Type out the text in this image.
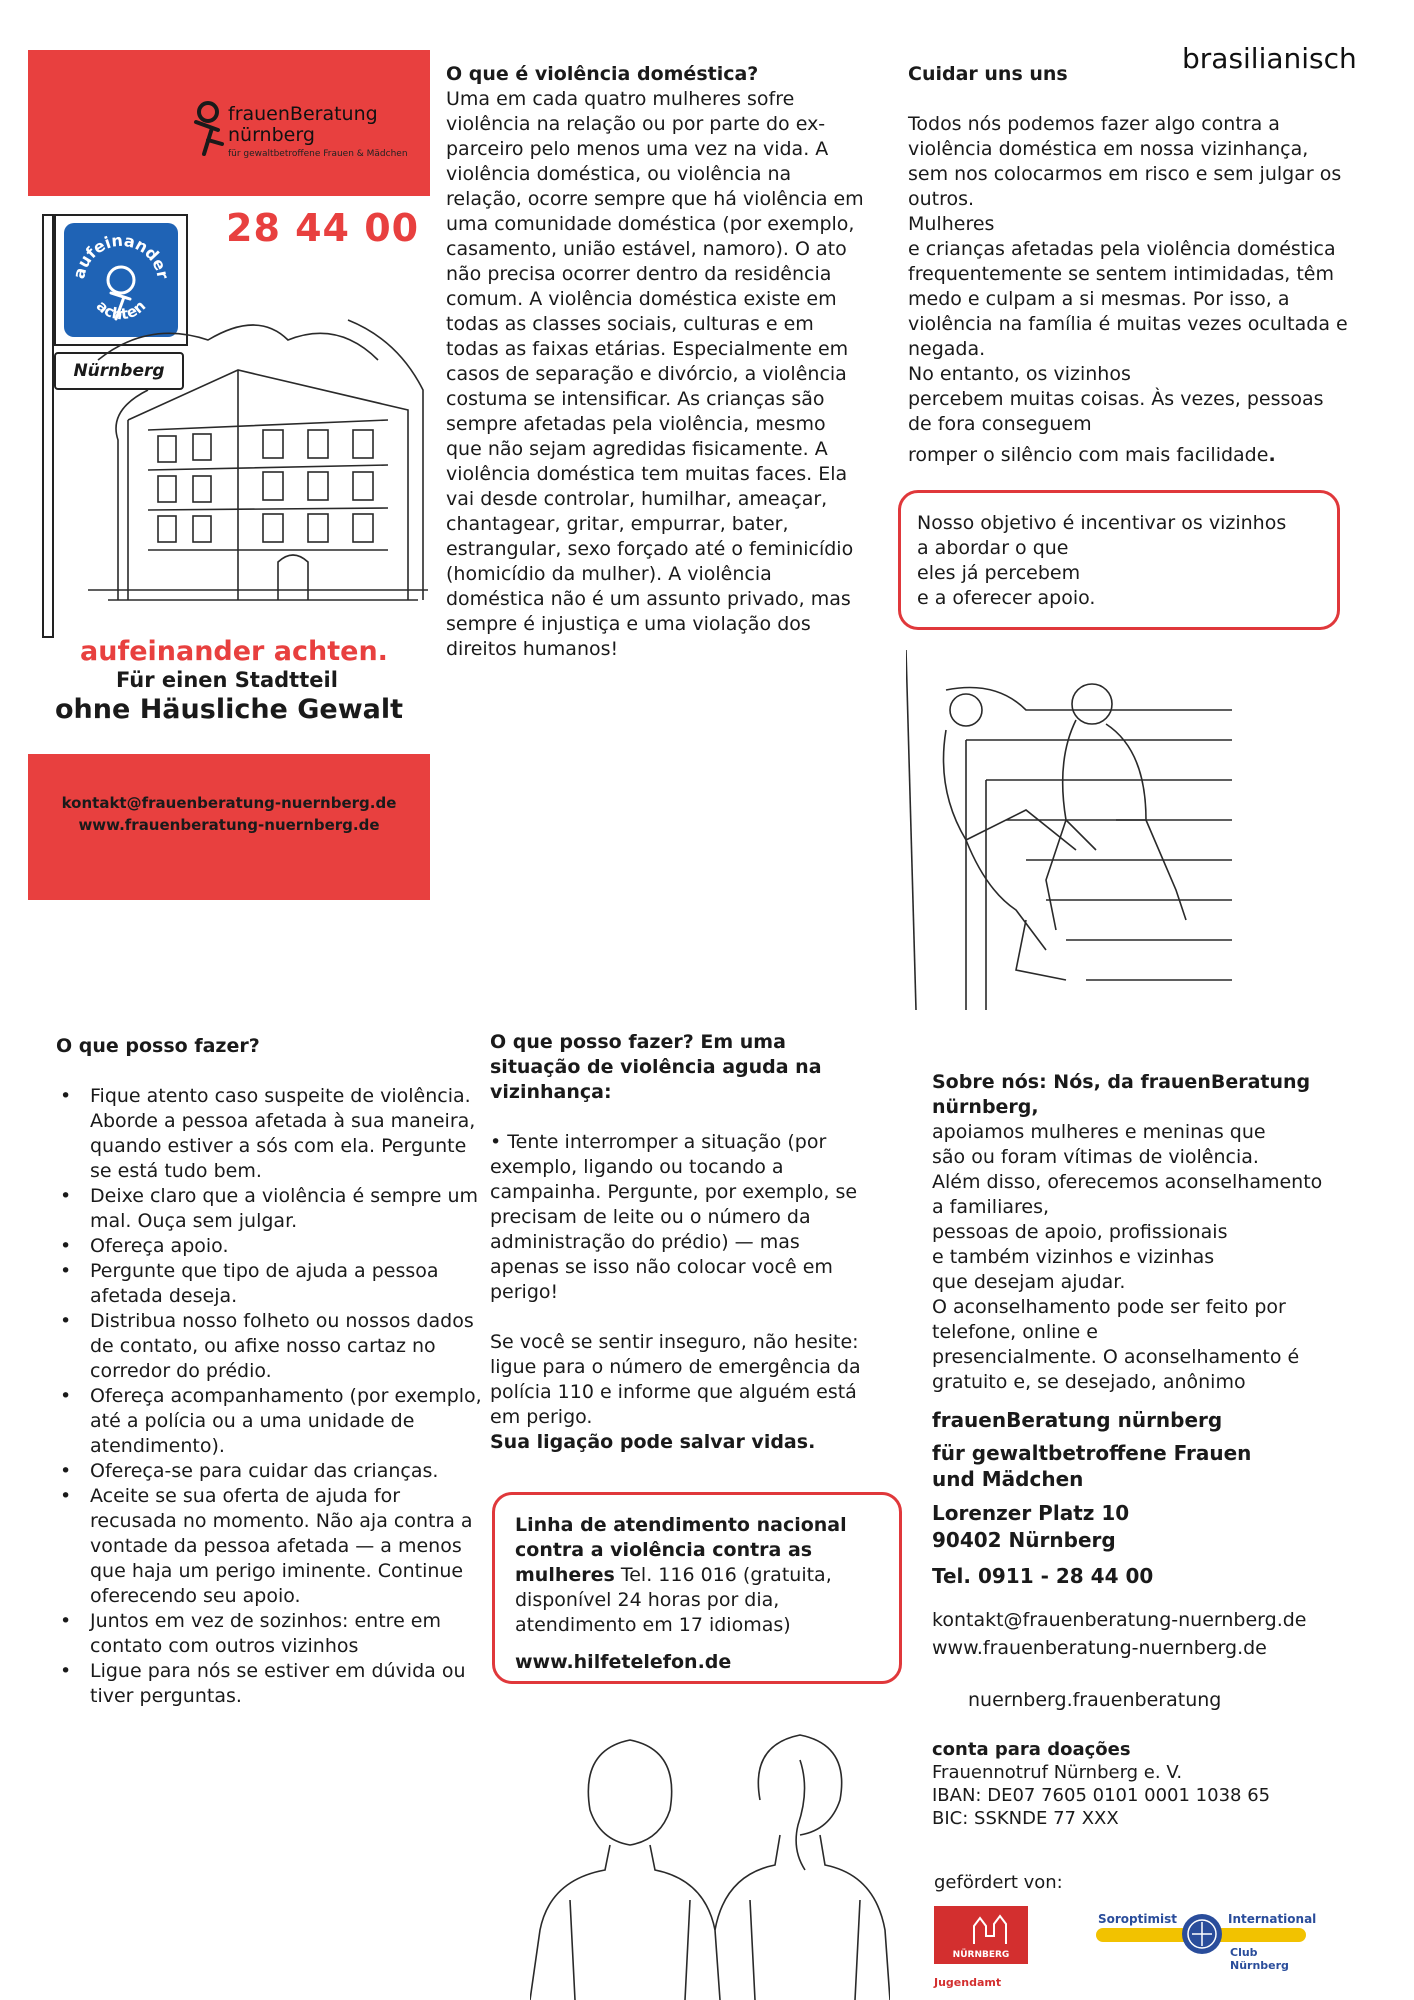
brasilianisch
frauenBeratung
nürnberg
für gewaltbetroffene Frauen & Mädchen
28 44 00
aufeinander
achten
Nürnberg
aufeinander achten.
Für einen Stadtteil
ohne Häusliche Gewalt
kontakt@frauenberatung-nuernberg.de
www.frauenberatung-nuernberg.de
O que é violência doméstica?
Uma em cada quatro mulheres sofre violência na relação ou por parte do ex-parceiro pelo menos uma vez na vida. A violência doméstica, ou violência na relação, ocorre sempre que há violência em uma comunidade doméstica (por exemplo, casamento, união estável, namoro). O ato não precisa ocorrer dentro da residência comum. A violência doméstica existe em todas as classes sociais, culturas e em todas as faixas etárias. Especialmente em casos de separação e divórcio, a violência costuma se intensificar. As crianças são sempre afetadas pela violência, mesmo que não sejam agredidas fisicamente. A violência doméstica tem muitas faces. Ela vai desde controlar, humilhar, ameaçar, chantagear, gritar, empurrar, bater, estrangular, sexo forçado até o feminicídio (homicídio da mulher). A violência doméstica não é um assunto privado, mas sempre é injustiça e uma violação dos direitos humanos!
Cuidar uns uns
Todos nós podemos fazer algo contra a violência doméstica em nossa vizinhança, sem nos colocarmos em risco e sem julgar os outros.
Mulheres
e crianças afetadas pela violência doméstica frequentemente se sentem intimidadas, têm medo e culpam a si mesmas. Por isso, a violência na família é muitas vezes ocultada e negada.
No entanto, os vizinhos
percebem muitas coisas. Às vezes, pessoas de fora conseguem
romper o silêncio com mais facilidade.
Nosso objetivo é incentivar os vizinhos
a abordar o que
eles já percebem
e a oferecer apoio.
O que posso fazer?
• Fique atento caso suspeite de violência. Aborde a pessoa afetada à sua maneira, quando estiver a sós com ela. Pergunte se está tudo bem.
• Deixe claro que a violência é sempre um mal. Ouça sem julgar.
• Ofereça apoio.
• Pergunte que tipo de ajuda a pessoa afetada deseja.
• Distribua nosso folheto ou nossos dados de contato, ou afixe nosso cartaz no corredor do prédio.
• Ofereça acompanhamento (por exemplo, até a polícia ou a uma unidade de atendimento).
• Ofereça-se para cuidar das crianças.
• Aceite se sua oferta de ajuda for recusada no momento. Não aja contra a vontade da pessoa afetada — a menos que haja um perigo iminente. Continue oferecendo seu apoio.
• Juntos em vez de sozinhos: entre em contato com outros vizinhos
• Ligue para nós se estiver em dúvida ou tiver perguntas.
O que posso fazer? Em uma situação de violência aguda na vizinhança:
• Tente interromper a situação (por exemplo, ligando ou tocando a campainha. Pergunte, por exemplo, se precisam de leite ou o número da administração do prédio) — mas apenas se isso não colocar você em perigo!
Se você se sentir inseguro, não hesite: ligue para o número de emergência da polícia 110 e informe que alguém está em perigo.
Sua ligação pode salvar vidas.
Linha de atendimento nacional contra a violência contra as mulheres Tel. 116 016 (gratuita, disponível 24 horas por dia, atendimento em 17 idiomas)
www.hilfetelefon.de
Sobre nós: Nós, da frauenBeratung nürnberg,
apoiamos mulheres e meninas que
são ou foram vítimas de violência.
Além disso, oferecemos aconselhamento
a familiares,
pessoas de apoio, profissionais
e também vizinhos e vizinhas
que desejam ajudar.
O aconselhamento pode ser feito por
telefone, online e
presencialmente. O aconselhamento é
gratuito e, se desejado, anônimo
frauenBeratung nürnberg
für gewaltbetroffene Frauen
und Mädchen
Lorenzer Platz 10
90402 Nürnberg
Tel. 0911 - 28 44 00
kontakt@frauenberatung-nuernberg.de
www.frauenberatung-nuernberg.de
nuernberg.frauenberatung
conta para doações
Frauennotruf Nürnberg e. V.
IBAN: DE07 7605 0101 0001 1038 65
BIC: SSKNDE 77 XXX
gefördert von:
NÜRNBERG
Jugendamt
Soroptimist	International
Club Nürnberg
